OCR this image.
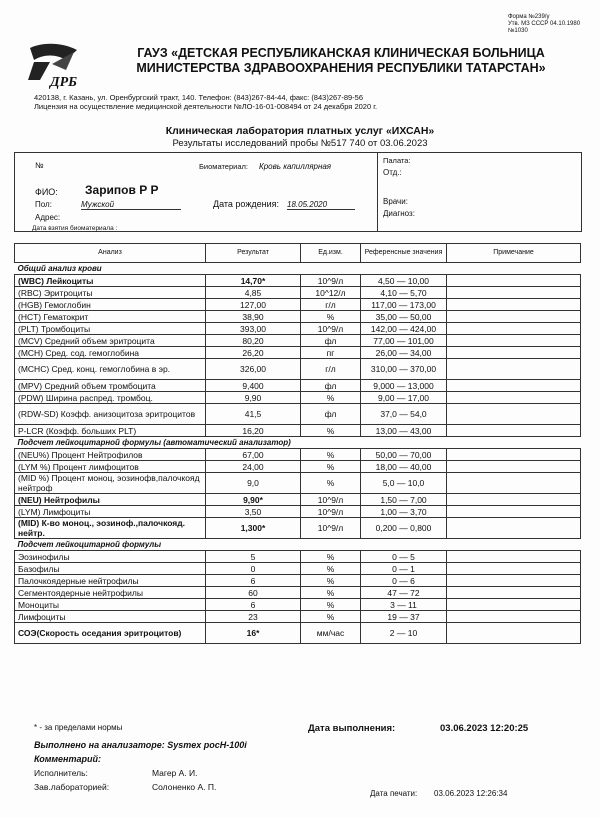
Форма №239/у
Утв. МЗ СССР 04.10.1980 №1030
ДРБ
ГАУЗ «ДЕТСКАЯ РЕСПУБЛИКАНСКАЯ КЛИНИЧЕСКАЯ БОЛЬНИЦА
МИНИСТЕРСТВА ЗДРАВООХРАНЕНИЯ РЕСПУБЛИКИ ТАТАРСТАН»
420138, г. Казань, ул. Оренбургский тракт, 140. Телефон: (843)267-84-44, факс: (843)267-89-56
Лицензия на осуществление медицинской деятельности №ЛО-16-01-008494 от 24 декабря 2020 г.
Клиническая лаборатория платных услуг «ИХСАН»
Результаты исследований пробы №517 740 от 03.06.2023
№	Биоматериал: Кровь капиллярная
ФИО: Зарипов Р Р
Пол:	Мужской	Дата рождения: 18.05.2020
Адрес:
Палата:
Отд.:
Врачи:
Диагноз:
Дата взятия биоматериала :
Анализ	Результат	Ед.изм.	Референсные значения	Примечание
Общий анализ крови				
(WBC) Лейкоциты	14,70*	10^9/л	4,50 — 10,00	
(RBC) Эритроциты	4,85	10^12/л	4,10 — 5,70	
(HGB) Гемоглобин	127,00	г/л	117,00 — 173,00	
(HCT) Гематокрит	38,90	%	35,00 — 50,00	
(PLT) Тромбоциты	393,00	10^9/л	142,00 — 424,00	
(MCV) Средний объем эритроцита	80,20	фл	77,00 — 101,00	
(MCH) Сред. сод. гемоглобина	26,20	пг	26,00 — 34,00	
(MCHC) Сред. конц. гемоглобина в эр.	326,00	г/л	310,00 — 370,00	
(MPV) Средний объем тромбоцита	9,400	фл	9,000 — 13,000	
(PDW) Ширина распред. тромбоц.	9,90	%	9,00 — 17,00	
(RDW-SD) Коэфф. анизоцитоза эритроцитов	41,5	фл	37,0 — 54,0	
P-LCR (Коэфф. больших PLT)	16,20	%	13,00 — 43,00	
Подсчет лейкоцитарной формулы (автоматический анализатор)				
(NEU%) Процент Нейтрофилов	67,00	%	50,00 — 70,00	
(LYM %) Процент лимфоцитов	24,00	%	18,00 — 40,00	
(MID %) Процент моноц, эозинофв,палочкояд нейтроф	9,0	%	5,0 — 10,0	
(NEU) Нейтрофилы	9,90*	10^9/л	1,50 — 7,00	
(LYM) Лимфоциты	3,50	10^9/л	1,00 — 3,70	
(MID) К-во моноц., эозиноф.,палочкояд. нейтр.	1,300*	10^9/л	0,200 — 0,800	
Подсчет лейкоцитарной формулы				
Эозинофилы	5	%	0 — 5	
Базофилы	0	%	0 — 1	
Палочкоядерные нейтрофилы	6	%	0 — 6	
Сегментоядерные нейтрофилы	60	%	47 — 72	
Моноциты	6	%	3 — 11	
Лимфоциты	23	%	19 — 37	
СОЭ(Скорость оседания эритроцитов)	16*	мм/час	2 — 10	
* - за пределами нормы	Дата выполнения:	03.06.2023 12:20:25
Выполнено на анализаторе: Sysmex pocH-100i
Комментарий:
Исполнитель:	Магер А. И.
Зав.лабораторией:	Солоненко А. П.
Дата печати: 03.06.2023 12:26:34
